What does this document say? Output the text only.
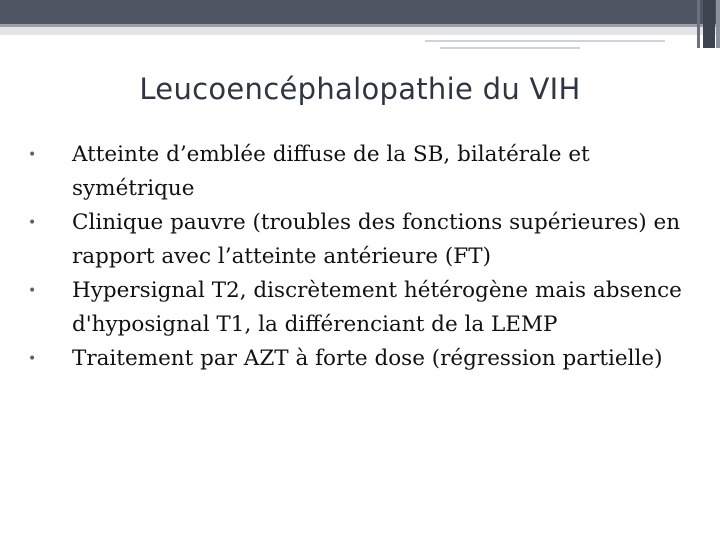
Leucoencéphalopathie du VIH
•	Atteinte d’emblée diffuse de la SB, bilatérale et symétrique
•	Clinique pauvre (troubles des fonctions supérieures) en rapport avec l’atteinte antérieure (FT)
•	Hypersignal T2, discrètement hétérogène mais absence d'hyposignal T1, la différenciant de la LEMP
•	Traitement par AZT à forte dose (régression partielle)
